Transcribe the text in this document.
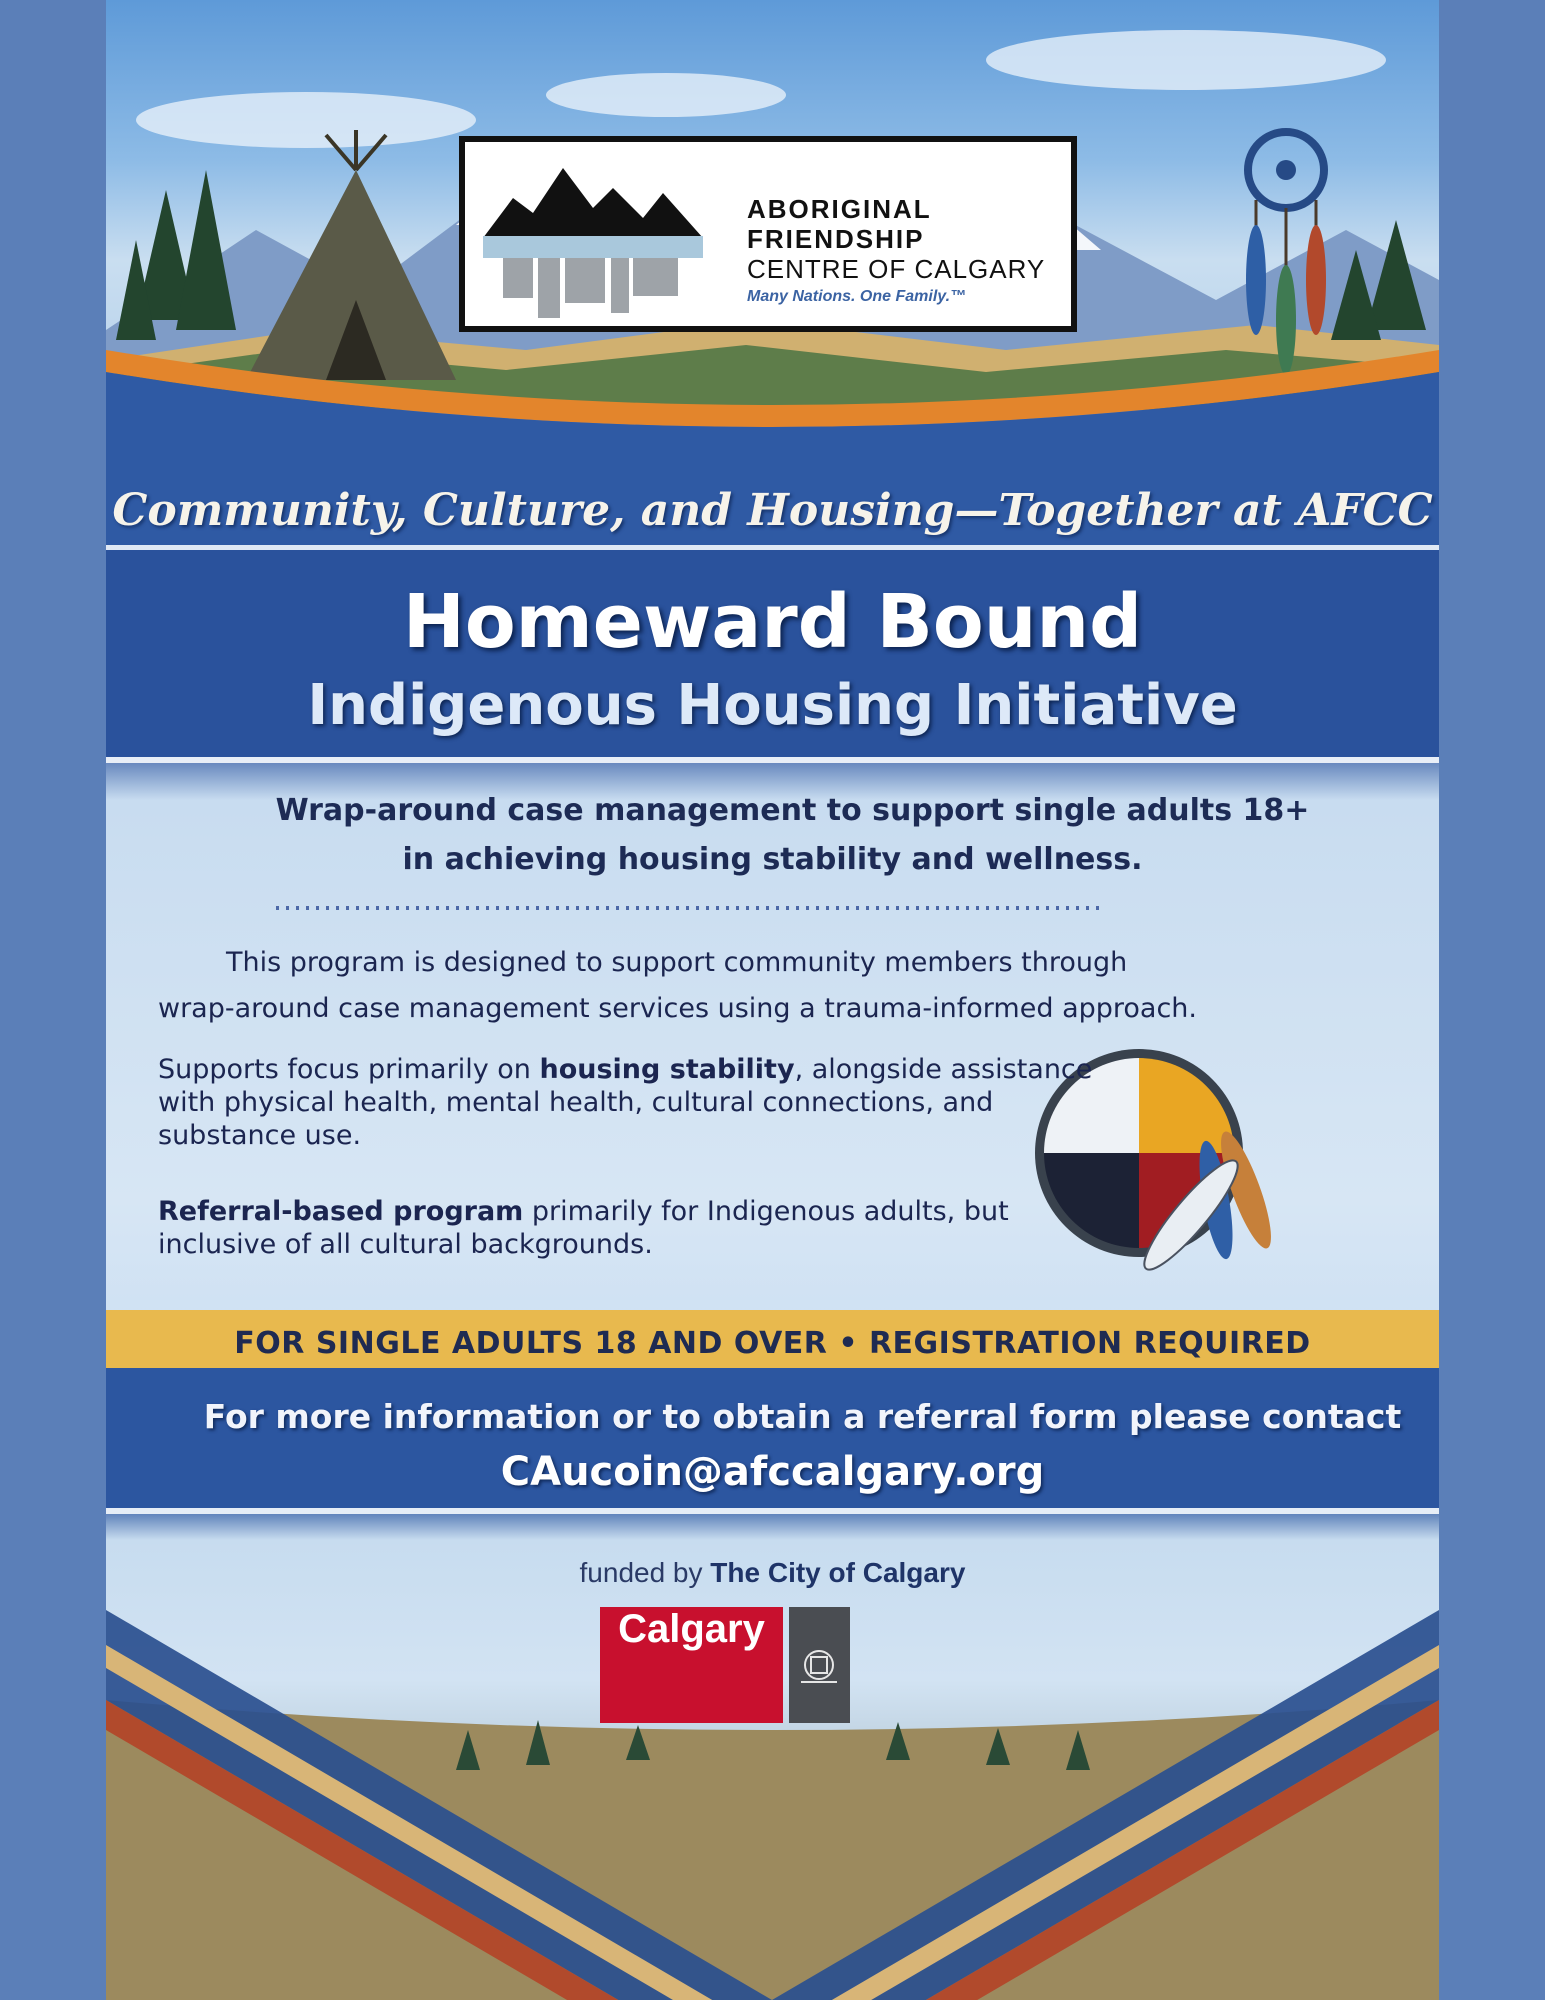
ABORIGINAL
FRIENDSHIP
CENTRE OF CALGARY
Many Nations. One Family.™
Community, Culture, and Housing—Together at AFCC
Homeward Bound
Indigenous Housing Initiative
Wrap-around case management to support single adults 18+
in achieving housing stability and wellness.
This program is designed to support community members through
wrap-around case management services using a trauma-informed approach.
Supports focus primarily on housing stability, alongside assistance with physical health, mental health, cultural connections, and substance use.
Referral-based program primarily for Indigenous adults, but inclusive of all cultural backgrounds.
FOR SINGLE ADULTS 18 AND OVER • REGISTRATION REQUIRED
For more information or to obtain a referral form please contact
CAucoin@afccalgary.org
funded by The City of Calgary
Calgary
